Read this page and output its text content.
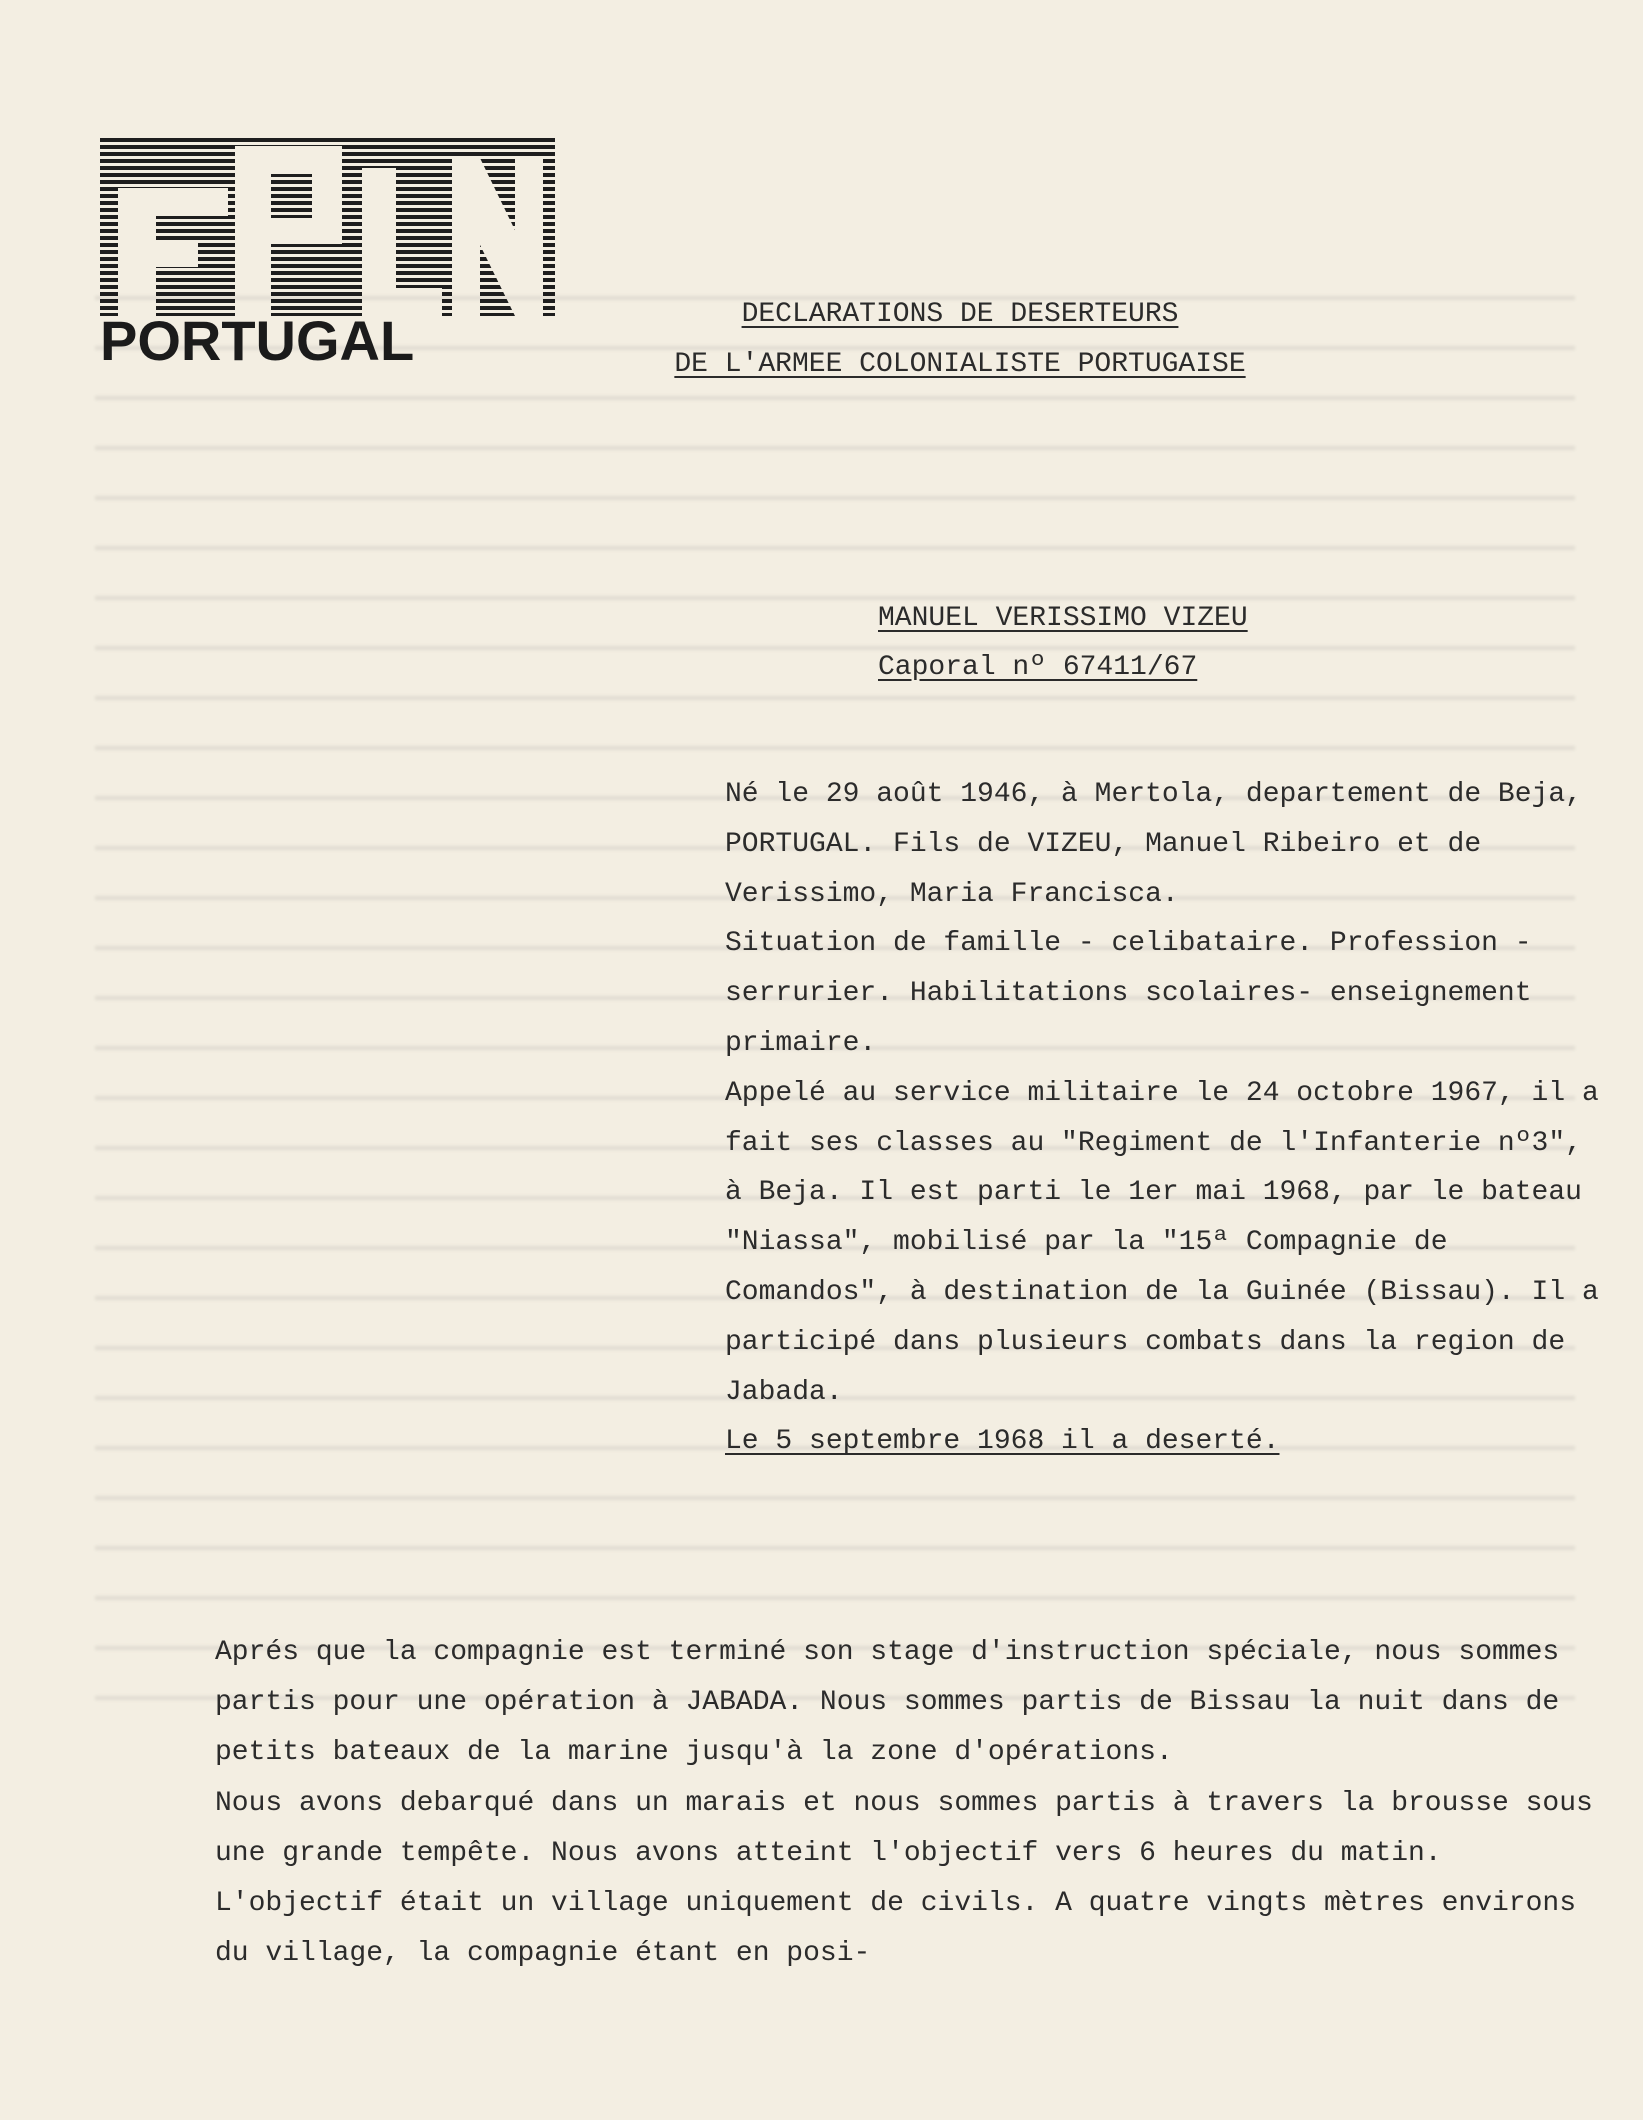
PORTUGAL	DECLARATIONS DE DESERTEURS
DE L'ARMEE COLONIALISTE PORTUGAISE
MANUEL VERISSIMO VIZEU
Caporal nº 67411/67

Né le 29 août 1946, à Mertola, departement de Beja, PORTUGAL. Fils de VIZEU, Manuel Ribeiro et de Verissimo, Maria Francisca.

Situation de famille - celibataire. Profession - serrurier. Habilitations scolaires- enseignement primaire.

Appelé au service militaire le 24 octobre 1967, il a fait ses classes au "Regiment de l'Infanterie nº3", à Beja. Il est parti le 1er mai 1968, par le bateau "Niassa", mobilisé par la "15ª Compagnie de Comandos", à destination de la Guinée (Bissau). Il a participé dans plusieurs combats dans la region de Jabada.

Le 5 septembre 1968 il a deserté.

Aprés que la compagnie est terminé son stage d'instruction spéciale, nous sommes partis pour une opération à JABADA. Nous sommes partis de Bissau la nuit dans de petits bateaux de la marine jusqu'à la zone d'opérations.

Nous avons debarqué dans un marais et nous sommes partis à travers la brousse sous une grande tempête. Nous avons atteint l'objectif vers 6 heures du matin. L'objectif était un village uniquement de civils. A quatre vingts mètres environs du village, la compagnie étant en posi-
